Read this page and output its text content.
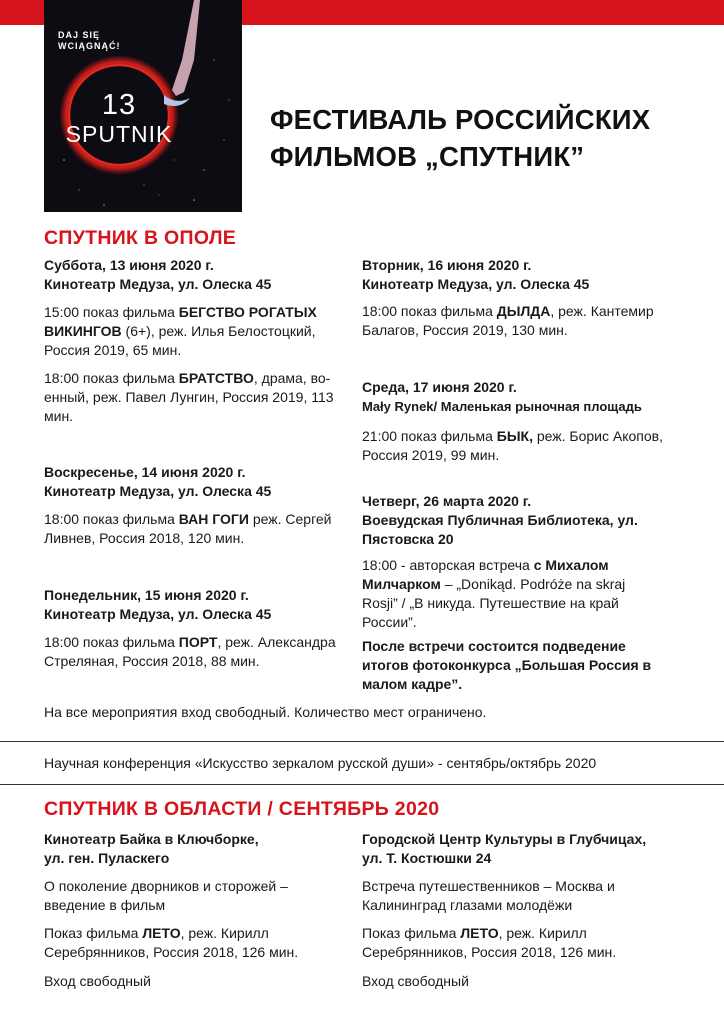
DAJ SIĘ
WCIĄGNĄĆ!
13
SPUTNIK	ФЕСТИВАЛЬ РОССИЙСКИХ
ФИЛЬМОВ „СПУТНИК”
СПУТНИК В ОПОЛЕ
Суббота, 13 июня 2020 г.
Кинотеатр Медуза, ул. Олеска 45

15:00 показ фильма БЕГСТВО РОГАТЫХ ВИКИНГОВ (6+), реж. Илья Белостоцкий, Россия 2019, 65 мин.

18:00 показ фильма БРАТСТВО, драма, во-енный, реж. Павел Лунгин, Россия 2019, 113 мин.

Воскресенье, 14 июня 2020 г.
Кинотеатр Медуза, ул. Олеска 45

18:00 показ фильма ВАН ГОГИ реж. Сергей Ливнев, Россия 2018, 120 мин.

Понедельник, 15 июня 2020 г.
Кинотеатр Медуза, ул. Олеска 45

18:00 показ фильма ПОРТ, реж. Александра Стреляная, Россия 2018, 88 мин.

Вторник, 16 июня 2020 г.
Кинотеатр Медуза, ул. Олеска 45

18:00 показ фильма ДЫЛДА, реж. Кантемир Балагов, Россия 2019, 130 мин.

Среда, 17 июня 2020 г.
Mały Rynek/ Маленькая рыночная площадь

21:00 показ фильма БЫК, реж. Борис Акопов, Россия 2019, 99 мин.

Четверг, 26 марта 2020 г.
Воевудская Публичная Библиотека, ул. Пястовска 20

18:00 - авторская встреча с Михалом Милчарком – „Donikąd. Podróże na skraj Rosji” / „В никуда. Путешествие на край России”.

После встречи состоится подведение итогов фотоконкурса „Большая Россия в малом кадре”.

На все мероприятия вход свободный. Количество мест ограничено.
Научная конференция «Искусство зеркалом русской души» - сентябрь/октябрь 2020
СПУТНИК В ОБЛАСТИ / СЕНТЯБРЬ 2020
Кинотеатр Байка в Ключборке,
ул. ген. Пуласкего

О поколение дворников и сторожей – введение в фильм

Показ фильма ЛЕТО, реж. Кирилл Серебрянников, Россия 2018, 126 мин.

Вход свободный

Городской Центр Культуры в Глубчицах,
ул. Т. Костюшки 24

Встреча путешественников – Москва и Калининград глазами молодёжи

Показ фильма ЛЕТО, реж. Кирилл Серебрянников, Россия 2018, 126 мин.

Вход свободный
